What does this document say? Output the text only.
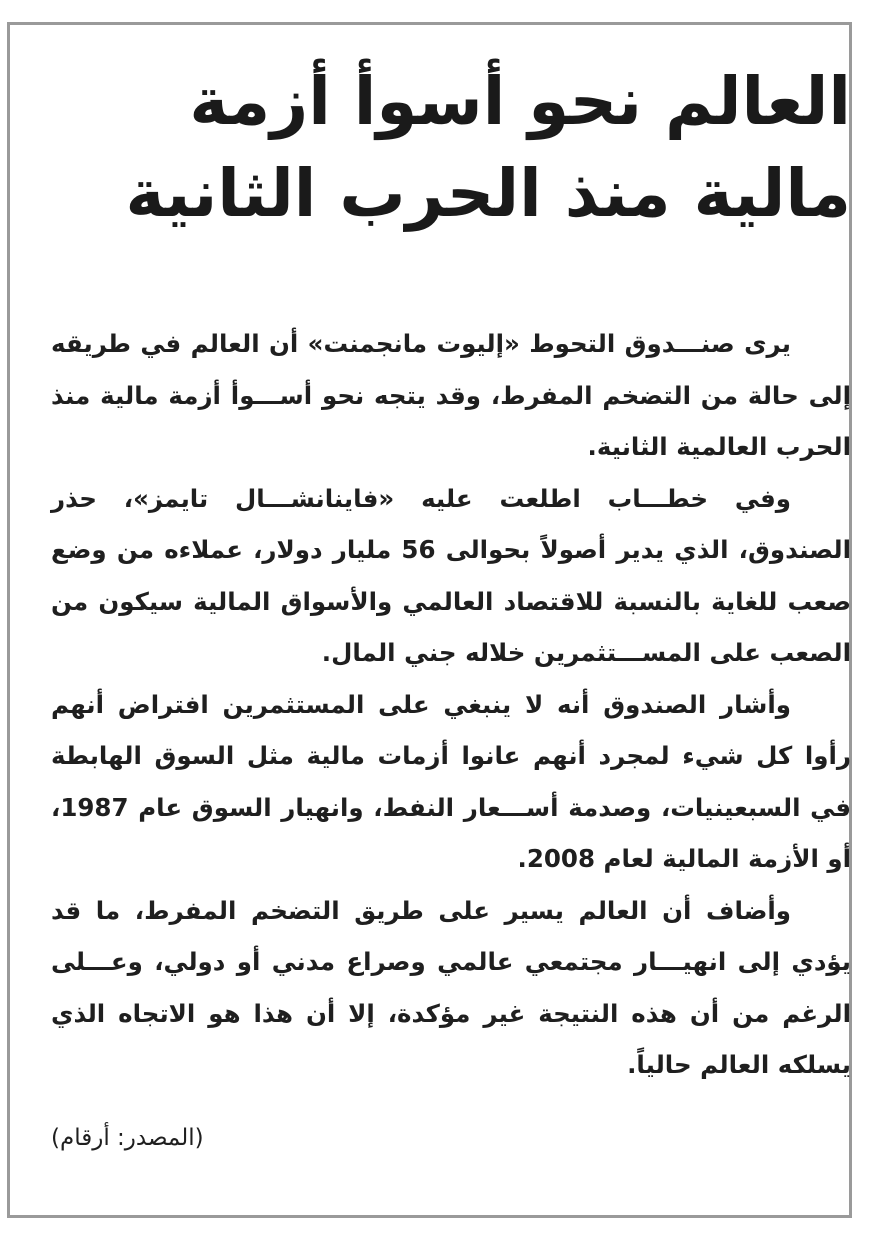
العالم نحو أسوأ أزمة
مالية منذ الحرب الثانية

يرى صنـــدوق التحوط «إليوت مانجمنت» أن العالم في طريقه إلى حالة من التضخم المفرط، وقد يتجه نحو أســـوأ أزمة مالية منذ الحرب العالمية الثانية.

وفي خطـــاب اطلعت عليه «فاينانشـــال تايمز»، حذر الصندوق، الذي يدير أصولاً بحوالى 56 مليار دولار، عملاءه من وضع صعب للغاية بالنسبة للاقتصاد العالمي والأسواق المالية سيكون من الصعب على المســـتثمرين خلاله جني المال.

وأشار الصندوق أنه لا ينبغي على المستثمرين افتراض أنهم رأوا كل شيء لمجرد أنهم عانوا أزمات مالية مثل السوق الهابطة في السبعينيات، وصدمة أســـعار النفط، وانهيار السوق عام 1987، أو الأزمة المالية لعام 2008.

وأضاف أن العالم يسير على طريق التضخم المفرط، ما قد يؤدي إلى انهيـــار مجتمعي عالمي وصراع مدني أو دولي، وعـــلى الرغم من أن هذه النتيجة غير مؤكدة، إلا أن هذا هو الاتجاه الذي يسلكه العالم حالياً.

(المصدر: أرقام)
